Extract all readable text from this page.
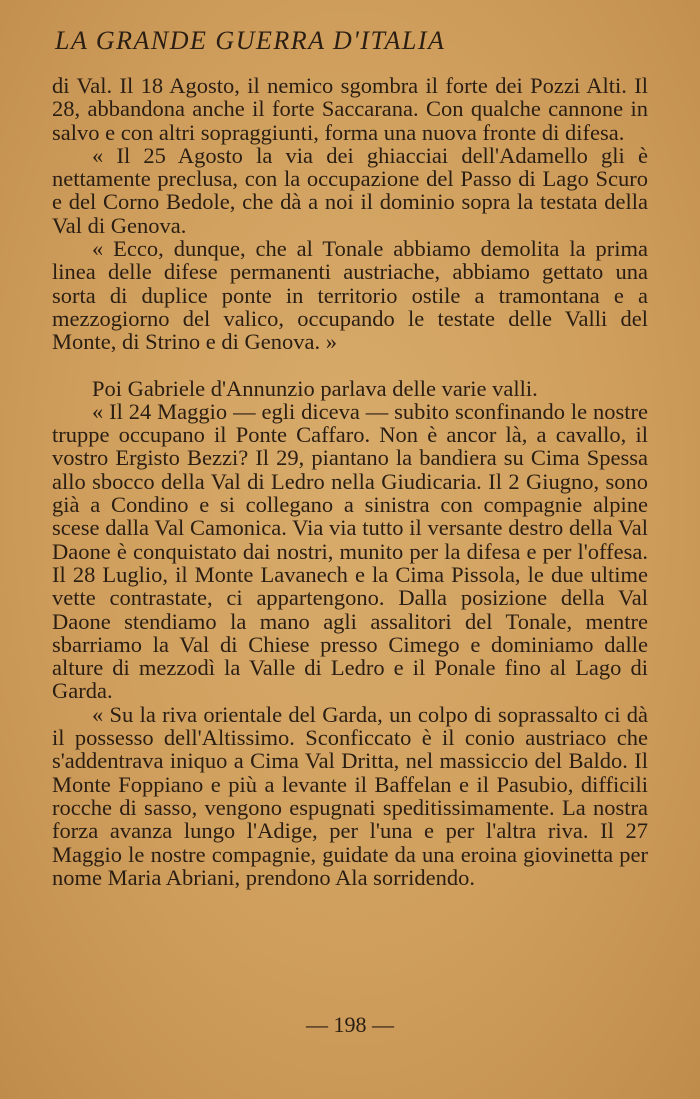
LA GRANDE GUERRA D'ITALIA

di Val. Il 18 Agosto, il nemico sgombra il forte dei Pozzi Alti. Il 28, abbandona anche il forte Saccarana. Con qualche cannone in salvo e con altri sopraggiunti, forma una nuova fronte di difesa.

« Il 25 Agosto la via dei ghiacciai dell'Adamello gli è nettamente preclusa, con la occupazione del Passo di Lago Scuro e del Corno Bedole, che dà a noi il dominio sopra la testata della Val di Genova.

« Ecco, dunque, che al Tonale abbiamo demolita la prima linea delle difese permanenti austriache, abbiamo gettato una sorta di duplice ponte in territorio ostile a tramontana e a mezzogiorno del valico, occupando le testate delle Valli del Monte, di Strino e di Genova. »

Poi Gabriele d'Annunzio parlava delle varie valli.

« Il 24 Maggio — egli diceva — subito sconfinando le nostre truppe occupano il Ponte Caffaro. Non è ancor là, a cavallo, il vostro Ergisto Bezzi? Il 29, piantano la bandiera su Cima Spessa allo sbocco della Val di Ledro nella Giudicaria. Il 2 Giugno, sono già a Condino e si collegano a sinistra con compagnie alpine scese dalla Val Camonica. Via via tutto il versante destro della Val Daone è conquistato dai nostri, munito per la difesa e per l'offesa. Il 28 Luglio, il Monte Lavanech e la Cima Pissola, le due ultime vette contrastate, ci appartengono. Dalla posizione della Val Daone stendiamo la mano agli assalitori del Tonale, mentre sbarriamo la Val di Chiese presso Cimego e dominiamo dalle alture di mezzodì la Valle di Ledro e il Ponale fino al Lago di Garda.

« Su la riva orientale del Garda, un colpo di soprassalto ci dà il possesso dell'Altissimo. Sconficcato è il conio austriaco che s'addentrava iniquo a Cima Val Dritta, nel massiccio del Baldo. Il Monte Foppiano e più a levante il Baffelan e il Pasubio, difficili rocche di sasso, vengono espugnati speditissimamente. La nostra forza avanza lungo l'Adige, per l'una e per l'altra riva. Il 27 Maggio le nostre compagnie, guidate da una eroina giovinetta per nome Maria Abriani, prendono Ala sorridendo.

— 198 —
